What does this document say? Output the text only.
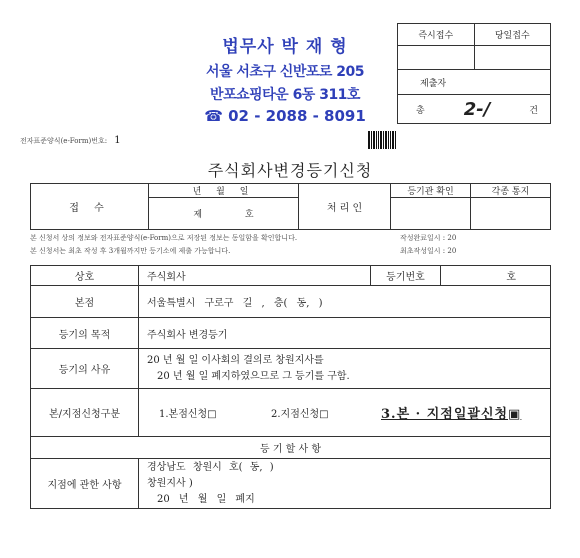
법무사 박 재 형
서울 서초구 신반포로 205
반포쇼핑타운 6동 311호
☎ 02 - 2088 - 8091
즉시접수	당일접수

제출자	

총 2-/ 건	
전자표준양식(e-Form)번호: 1
주식회사변경등기신청
접 수	년 월 일	처 리 인	등기관 확인	각종 통지
	제 호			
본 신청서 상의 정보와 전자표준양식(e-Form)으로 저장된 정보는 동일함을 확인합니다.
본 신청서는 최초 작성 후 3개월까지만 등기소에 제출 가능합니다.
작성완료일시 : 20
최초작성일시 : 20
상호	주식회사	등기번호	호
본점	서울특별시 구로구 길 , 층( 동, )		
등기의 목적	주식회사 변경등기		
등기의 사유	20 년 월 일 이사회의 결의로 창원지사를
20 년 월 일 폐지하였으므로 그 등기를 구함.		

본/지점신청구분	1.본점신청□ 2.지점신청□ 3.본 · 지점일괄신청▣		

등 기 할 사 항			
지점에 관한 사항	경상남도 창원시 호( 동, )
창원지사 )
20 년 월 일 폐지		
